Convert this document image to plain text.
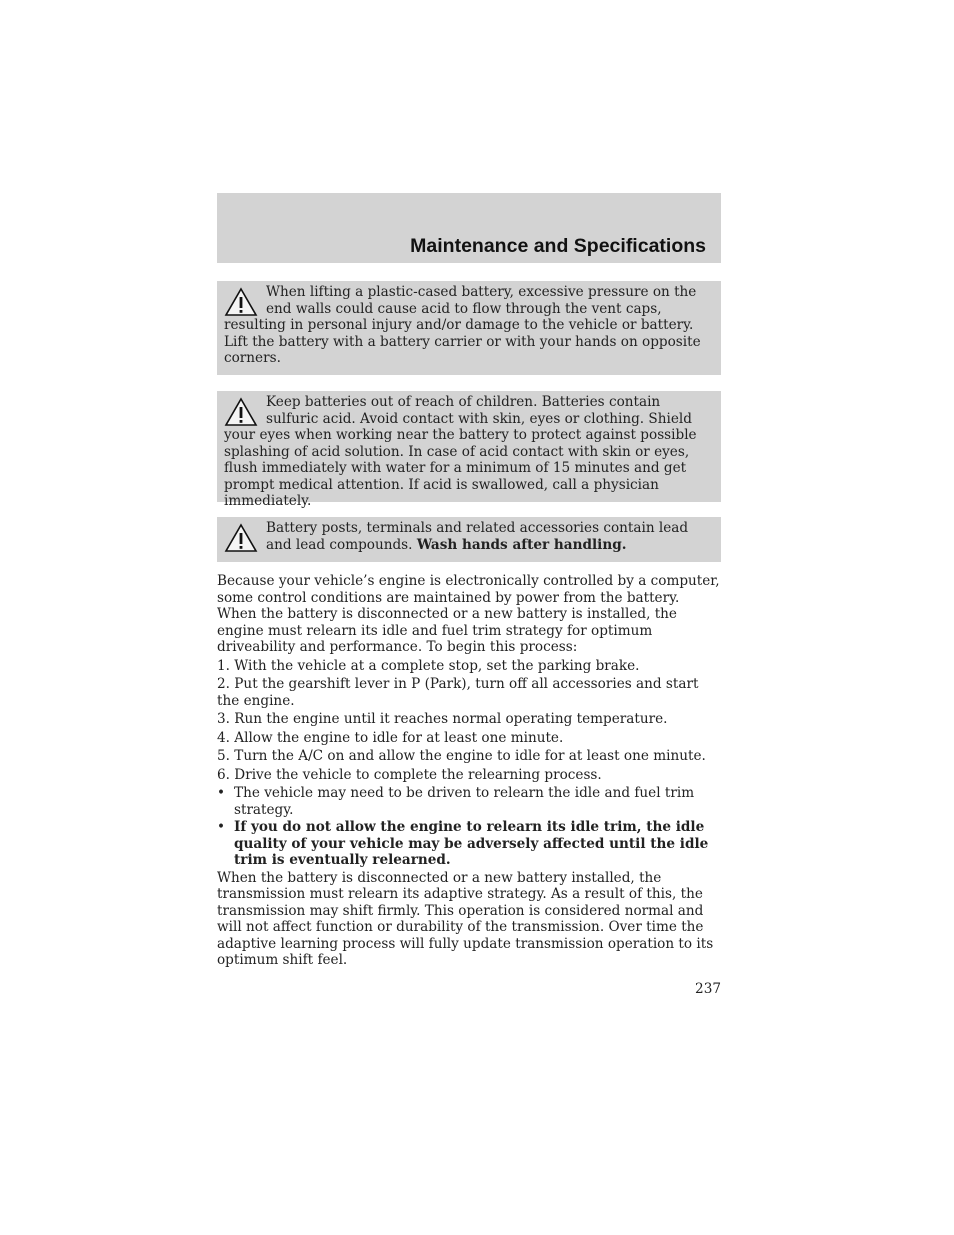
Maintenance and Specifications

When lifting a plastic-cased battery, excessive pressure on the end walls could cause acid to flow through the vent caps, resulting in personal injury and/or damage to the vehicle or battery. Lift the battery with a battery carrier or with your hands on opposite corners.

Keep batteries out of reach of children. Batteries contain sulfuric acid. Avoid contact with skin, eyes or clothing. Shield your eyes when working near the battery to protect against possible splashing of acid solution. In case of acid contact with skin or eyes, flush immediately with water for a minimum of 15 minutes and get prompt medical attention. If acid is swallowed, call a physician immediately.

Battery posts, terminals and related accessories contain lead and lead compounds. Wash hands after handling.

Because your vehicle’s engine is electronically controlled by a computer, some control conditions are maintained by power from the battery. When the battery is disconnected or a new battery is installed, the engine must relearn its idle and fuel trim strategy for optimum driveability and performance. To begin this process:

1. With the vehicle at a complete stop, set the parking brake.

2. Put the gearshift lever in P (Park), turn off all accessories and start the engine.

3. Run the engine until it reaches normal operating temperature.

4. Allow the engine to idle for at least one minute.

5. Turn the A/C on and allow the engine to idle for at least one minute.

6. Drive the vehicle to complete the relearning process.

• The vehicle may need to be driven to relearn the idle and fuel trim strategy.
• If you do not allow the engine to relearn its idle trim, the idle quality of your vehicle may be adversely affected until the idle trim is eventually relearned.

When the battery is disconnected or a new battery installed, the transmission must relearn its adaptive strategy. As a result of this, the transmission may shift firmly. This operation is considered normal and will not affect function or durability of the transmission. Over time the adaptive learning process will fully update transmission operation to its optimum shift feel.

237
